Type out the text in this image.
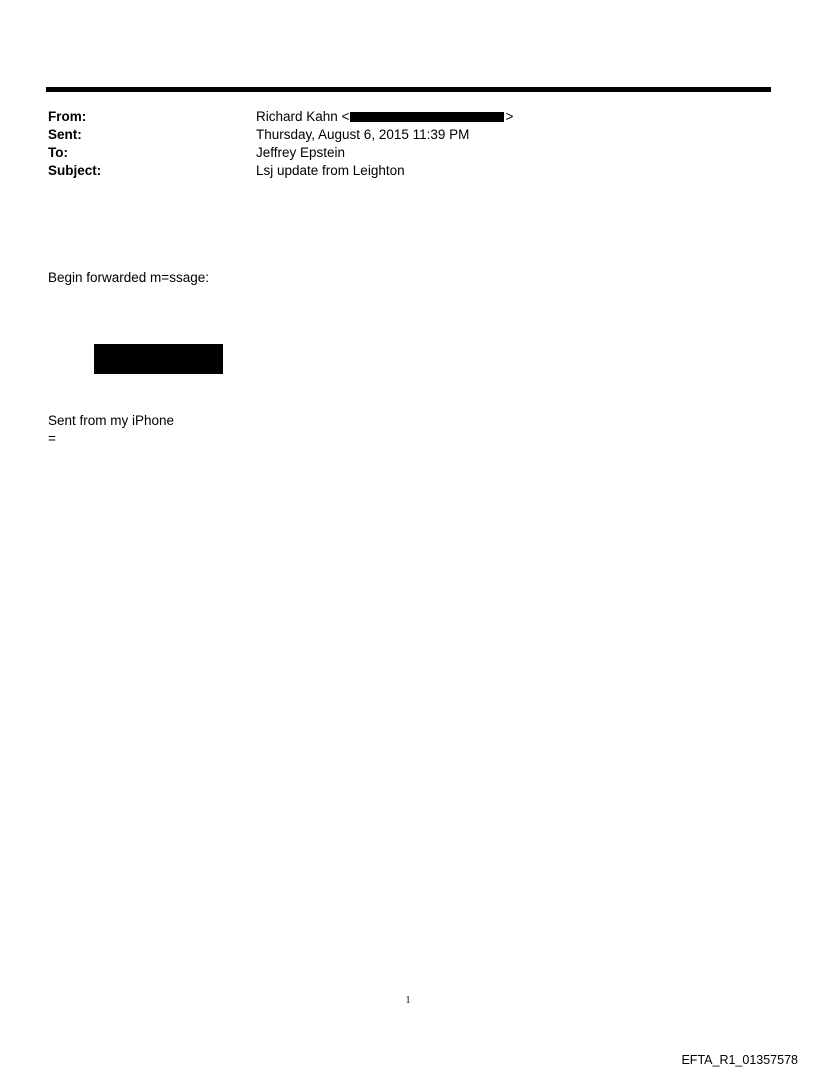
From:	Richard Kahn <	>
Sent:	Thursday, August 6, 2015 11:39 PM
To:	Jeffrey Epstein
Subject:	Lsj update from Leighton
Begin forwarded m=ssage:
Sent from my iPhone
=
1
EFTA_R1_01357578
